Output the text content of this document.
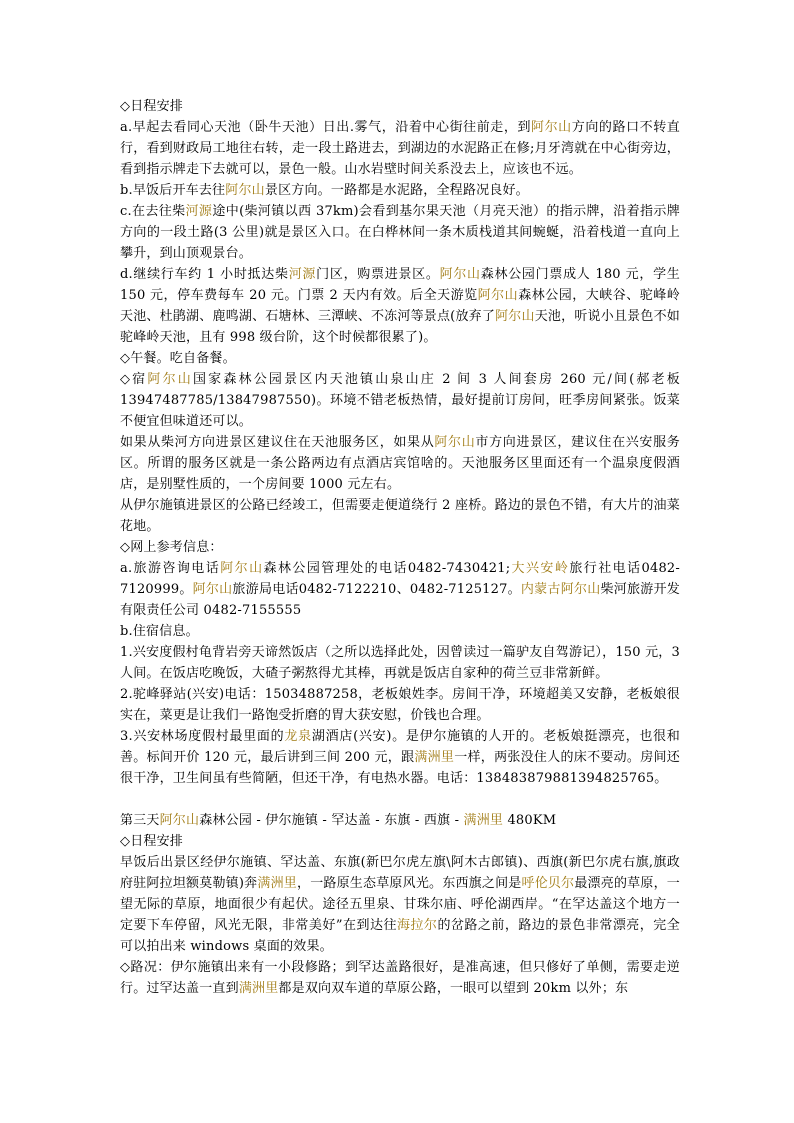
◇日程安排

a.早起去看同心天池（卧牛天池）日出.雾气，沿着中心街往前走，到阿尔山方向的路口不转直行，看到财政局工地往右转，走一段土路进去，到湖边的水泥路正在修;月牙湾就在中心街旁边，看到指示牌走下去就可以，景色一般。山水岩壁时间关系没去上，应该也不远。

b.早饭后开车去往阿尔山景区方向。一路都是水泥路，全程路况良好。

c.在去往柴河源途中(柴河镇以西 37km)会看到基尔果天池（月亮天池）的指示牌，沿着指示牌方向的一段土路(3 公里)就是景区入口。在白桦林间一条木质栈道其间蜿蜒，沿着栈道一直向上攀升，到山顶观景台。

d.继续行车约 1 小时抵达柴河源门区，购票进景区。阿尔山森林公园门票成人 180 元，学生 150 元，停车费每车 20 元。门票 2 天内有效。后全天游览阿尔山森林公园，大峡谷、驼峰岭天池、杜鹃湖、鹿鸣湖、石塘林、三潭峡、不冻河等景点(放弃了阿尔山天池，听说小且景色不如驼峰岭天池，且有 998 级台阶，这个时候都很累了)。

◇午餐。吃自备餐。

◇宿阿尔山国家森林公园景区内天池镇山泉山庄 2 间 3 人间套房 260 元/间(郝老板 13947487785/13847987550)。环境不错老板热情，最好提前订房间，旺季房间紧张。饭菜不便宜但味道还可以。

如果从柴河方向进景区建议住在天池服务区，如果从阿尔山市方向进景区，建议住在兴安服务区。所谓的服务区就是一条公路两边有点酒店宾馆啥的。天池服务区里面还有一个温泉度假酒店，是别墅性质的，一个房间要 1000 元左右。

从伊尔施镇进景区的公路已经竣工，但需要走便道绕行 2 座桥。路边的景色不错，有大片的油菜花地。

◇网上参考信息：

a.旅游咨询电话阿尔山森林公园管理处的电话0482-7430421;大兴安岭旅行社电话0482-7120999。阿尔山旅游局电话0482-7122210、0482-7125127。内蒙古阿尔山柴河旅游开发有限责任公司 0482-7155555

b.住宿信息。

1.兴安度假村龟背岩旁天谛然饭店（之所以选择此处，因曾读过一篇驴友自驾游记），150 元，3 人间。在饭店吃晚饭，大碴子粥熬得尤其棒，再就是饭店自家种的荷兰豆非常新鲜。

2.驼峰驿站(兴安)电话：15034887258，老板娘姓李。房间干净，环境超美又安静，老板娘很实在，菜更是让我们一路饱受折磨的胃大获安慰，价钱也合理。

3.兴安林场度假村最里面的龙泉湖酒店(兴安)。是伊尔施镇的人开的。老板娘挺漂亮，也很和善。标间开价 120 元，最后讲到三间 200 元，跟满洲里一样，两张没住人的床不要动。房间还很干净，卫生间虽有些简陋，但还干净，有电热水器。电话：138483879881394825765。

第三天阿尔山森林公园 - 伊尔施镇 - 罕达盖 - 东旗 - 西旗 - 满洲里 480KM

◇日程安排

早饭后出景区经伊尔施镇、罕达盖、东旗(新巴尔虎左旗\阿木古郎镇)、西旗(新巴尔虎右旗,旗政府驻阿拉坦额莫勒镇)奔满洲里，一路原生态草原风光。东西旗之间是呼伦贝尔最漂亮的草原，一望无际的草原，地面很少有起伏。途径五里泉、甘珠尔庙、呼伦湖西岸。“在罕达盖这个地方一定要下车停留，风光无限，非常美好”在到达往海拉尔的岔路之前，路边的景色非常漂亮，完全可以拍出来 windows 桌面的效果。

◇路况：伊尔施镇出来有一小段修路；到罕达盖路很好，是准高速，但只修好了单侧，需要走逆行。过罕达盖一直到满洲里都是双向双车道的草原公路，一眼可以望到 20km 以外；东
